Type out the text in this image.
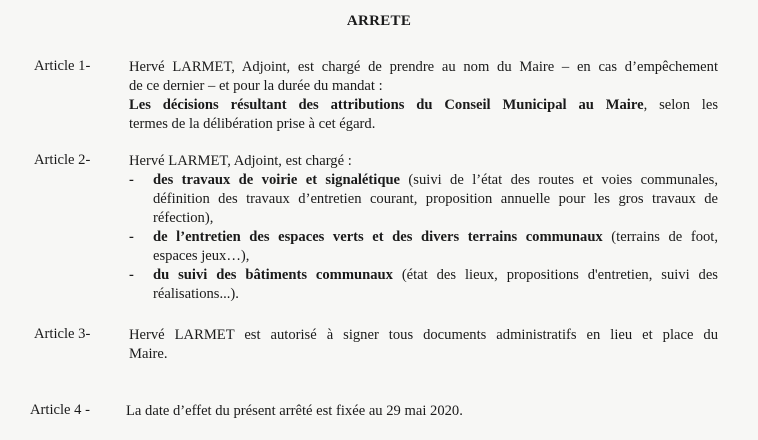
ARRETE
Article 1-	Hervé LARMET, Adjoint, est chargé de prendre au nom du Maire – en cas d’empêchement
de ce dernier – et pour la durée du mandat :
Les décisions résultant des attributions du Conseil Municipal au Maire, selon les
termes de la délibération prise à cet égard.
Article 2-	Hervé LARMET, Adjoint, est chargé :
- des travaux de voirie et signalétique (suivi de l’état des routes et voies communales,
définition des travaux d’entretien courant, proposition annuelle pour les gros travaux de
réfection),
- de l’entretien des espaces verts et des divers terrains communaux (terrains de foot,
espaces jeux…),
- du suivi des bâtiments communaux (état des lieux, propositions d'entretien, suivi des
réalisations...).
Article 3-	Hervé LARMET est autorisé à signer tous documents administratifs en lieu et place du
Maire.
Article 4 - La date d’effet du présent arrêté est fixée au 29 mai 2020.
